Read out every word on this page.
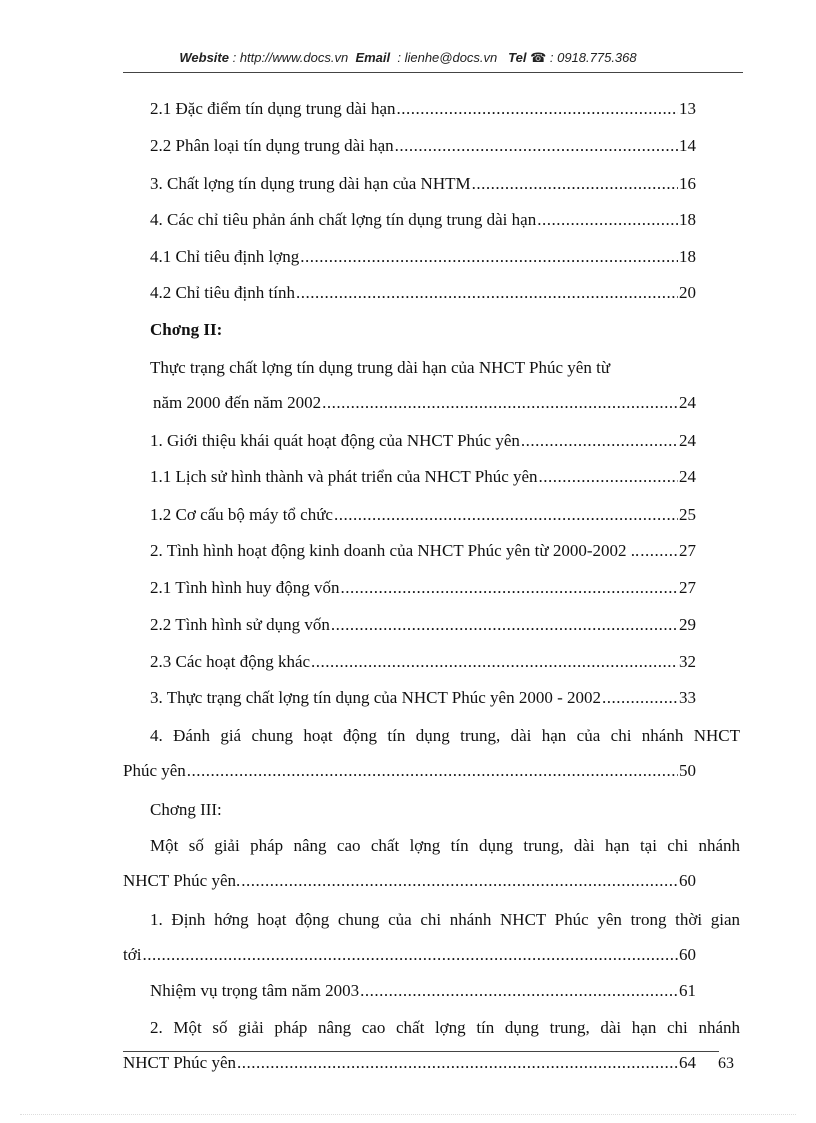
Website : http://www.docs.vn Email : lienhe@docs.vn Tel ☎ : 0918.775.368
2.1 Đặc điểm tín dụng trung dài hạn .....	13
2.2 Phân loại tín dụng trung dài hạn .....	14
3. Chất lợng tín dụng trung dài hạn của NHTM .....	16
4. Các chỉ tiêu phản ánh chất lợng tín dụng trung dài hạn .....	18
4.1 Chỉ tiêu định lợng .....	18
4.2 Chỉ tiêu định tính .....	20
Chơng II:
Thực trạng chất lợng tín dụng trung dài hạn của NHCT Phúc yên từ
năm 2000 đến năm 2002 .....	24
1. Giới thiệu khái quát hoạt động của NHCT Phúc yên .....	24
1.1 Lịch sử hình thành và phát triển của NHCT Phúc yên .....	24
1.2 Cơ cấu bộ máy tổ chức .....	25
2. Tình hình hoạt động kinh doanh của NHCT Phúc yên từ 2000-2002 .. ..... 27
2.1 Tình hình huy động vốn .....	27
2.2 Tình hình sử dụng vốn .....	29
2.3 Các hoạt động khác .....	32
3. Thực trạng chất lợng tín dụng của NHCT Phúc yên 2000 - 2002 .....	33
4. Đánh giá chung hoạt động tín dụng trung, dài hạn của chi nhánh NHCT
Phúc yên .....	50
Chơng III:
Một số giải pháp nâng cao chất lợng tín dụng trung, dài hạn tại chi nhánh
NHCT Phúc yên. .....	60
1. Định hớng hoạt động chung của chi nhánh NHCT Phúc yên trong thời gian
tới .....	60
Nhiệm vụ trọng tâm năm 2003 .....	61
2. Một số giải pháp nâng cao chất lợng tín dụng trung, dài hạn chi nhánh
NHCT Phúc yên .....	64 63
